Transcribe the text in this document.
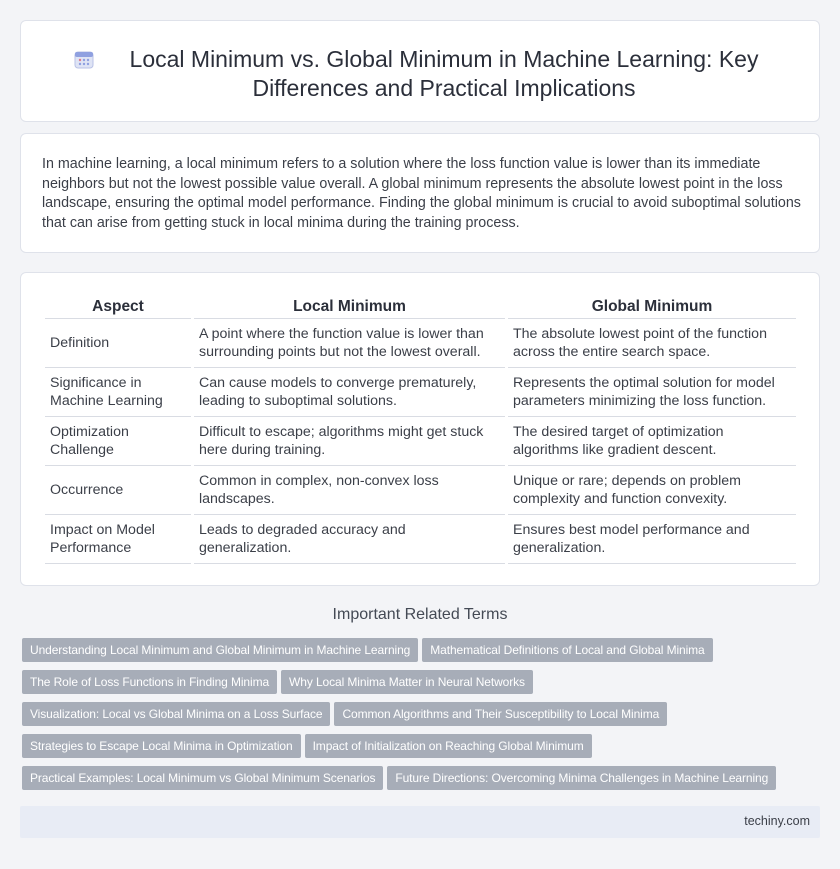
Local Minimum vs. Global Minimum in Machine Learning: Key Differences and Practical Implications

In machine learning, a local minimum refers to a solution where the loss function value is lower than its immediate neighbors but not the lowest possible value overall. A global minimum represents the absolute lowest point in the loss landscape, ensuring the optimal model performance. Finding the global minimum is crucial to avoid suboptimal solutions that can arise from getting stuck in local minima during the training process.

Aspect	Local Minimum	Global Minimum
Definition	A point where the function value is lower than surrounding points but not the lowest overall.	The absolute lowest point of the function across the entire search space.
Significance in Machine Learning	Can cause models to converge prematurely, leading to suboptimal solutions.	Represents the optimal solution for model parameters minimizing the loss function.
Optimization Challenge	Difficult to escape; algorithms might get stuck here during training.	The desired target of optimization algorithms like gradient descent.
Occurrence	Common in complex, non-convex loss landscapes.	Unique or rare; depends on problem complexity and function convexity.
Impact on Model Performance	Leads to degraded accuracy and generalization.	Ensures best model performance and generalization.
Important Related Terms
Understanding Local Minimum and Global Minimum in Machine Learning Mathematical Definitions of Local and Global Minima
The Role of Loss Functions in Finding Minima Why Local Minima Matter in Neural Networks
Visualization: Local vs Global Minima on a Loss Surface Common Algorithms and Their Susceptibility to Local Minima
Strategies to Escape Local Minima in Optimization Impact of Initialization on Reaching Global Minimum
Practical Examples: Local Minimum vs Global Minimum Scenarios Future Directions: Overcoming Minima Challenges in Machine Learning
techiny.com
